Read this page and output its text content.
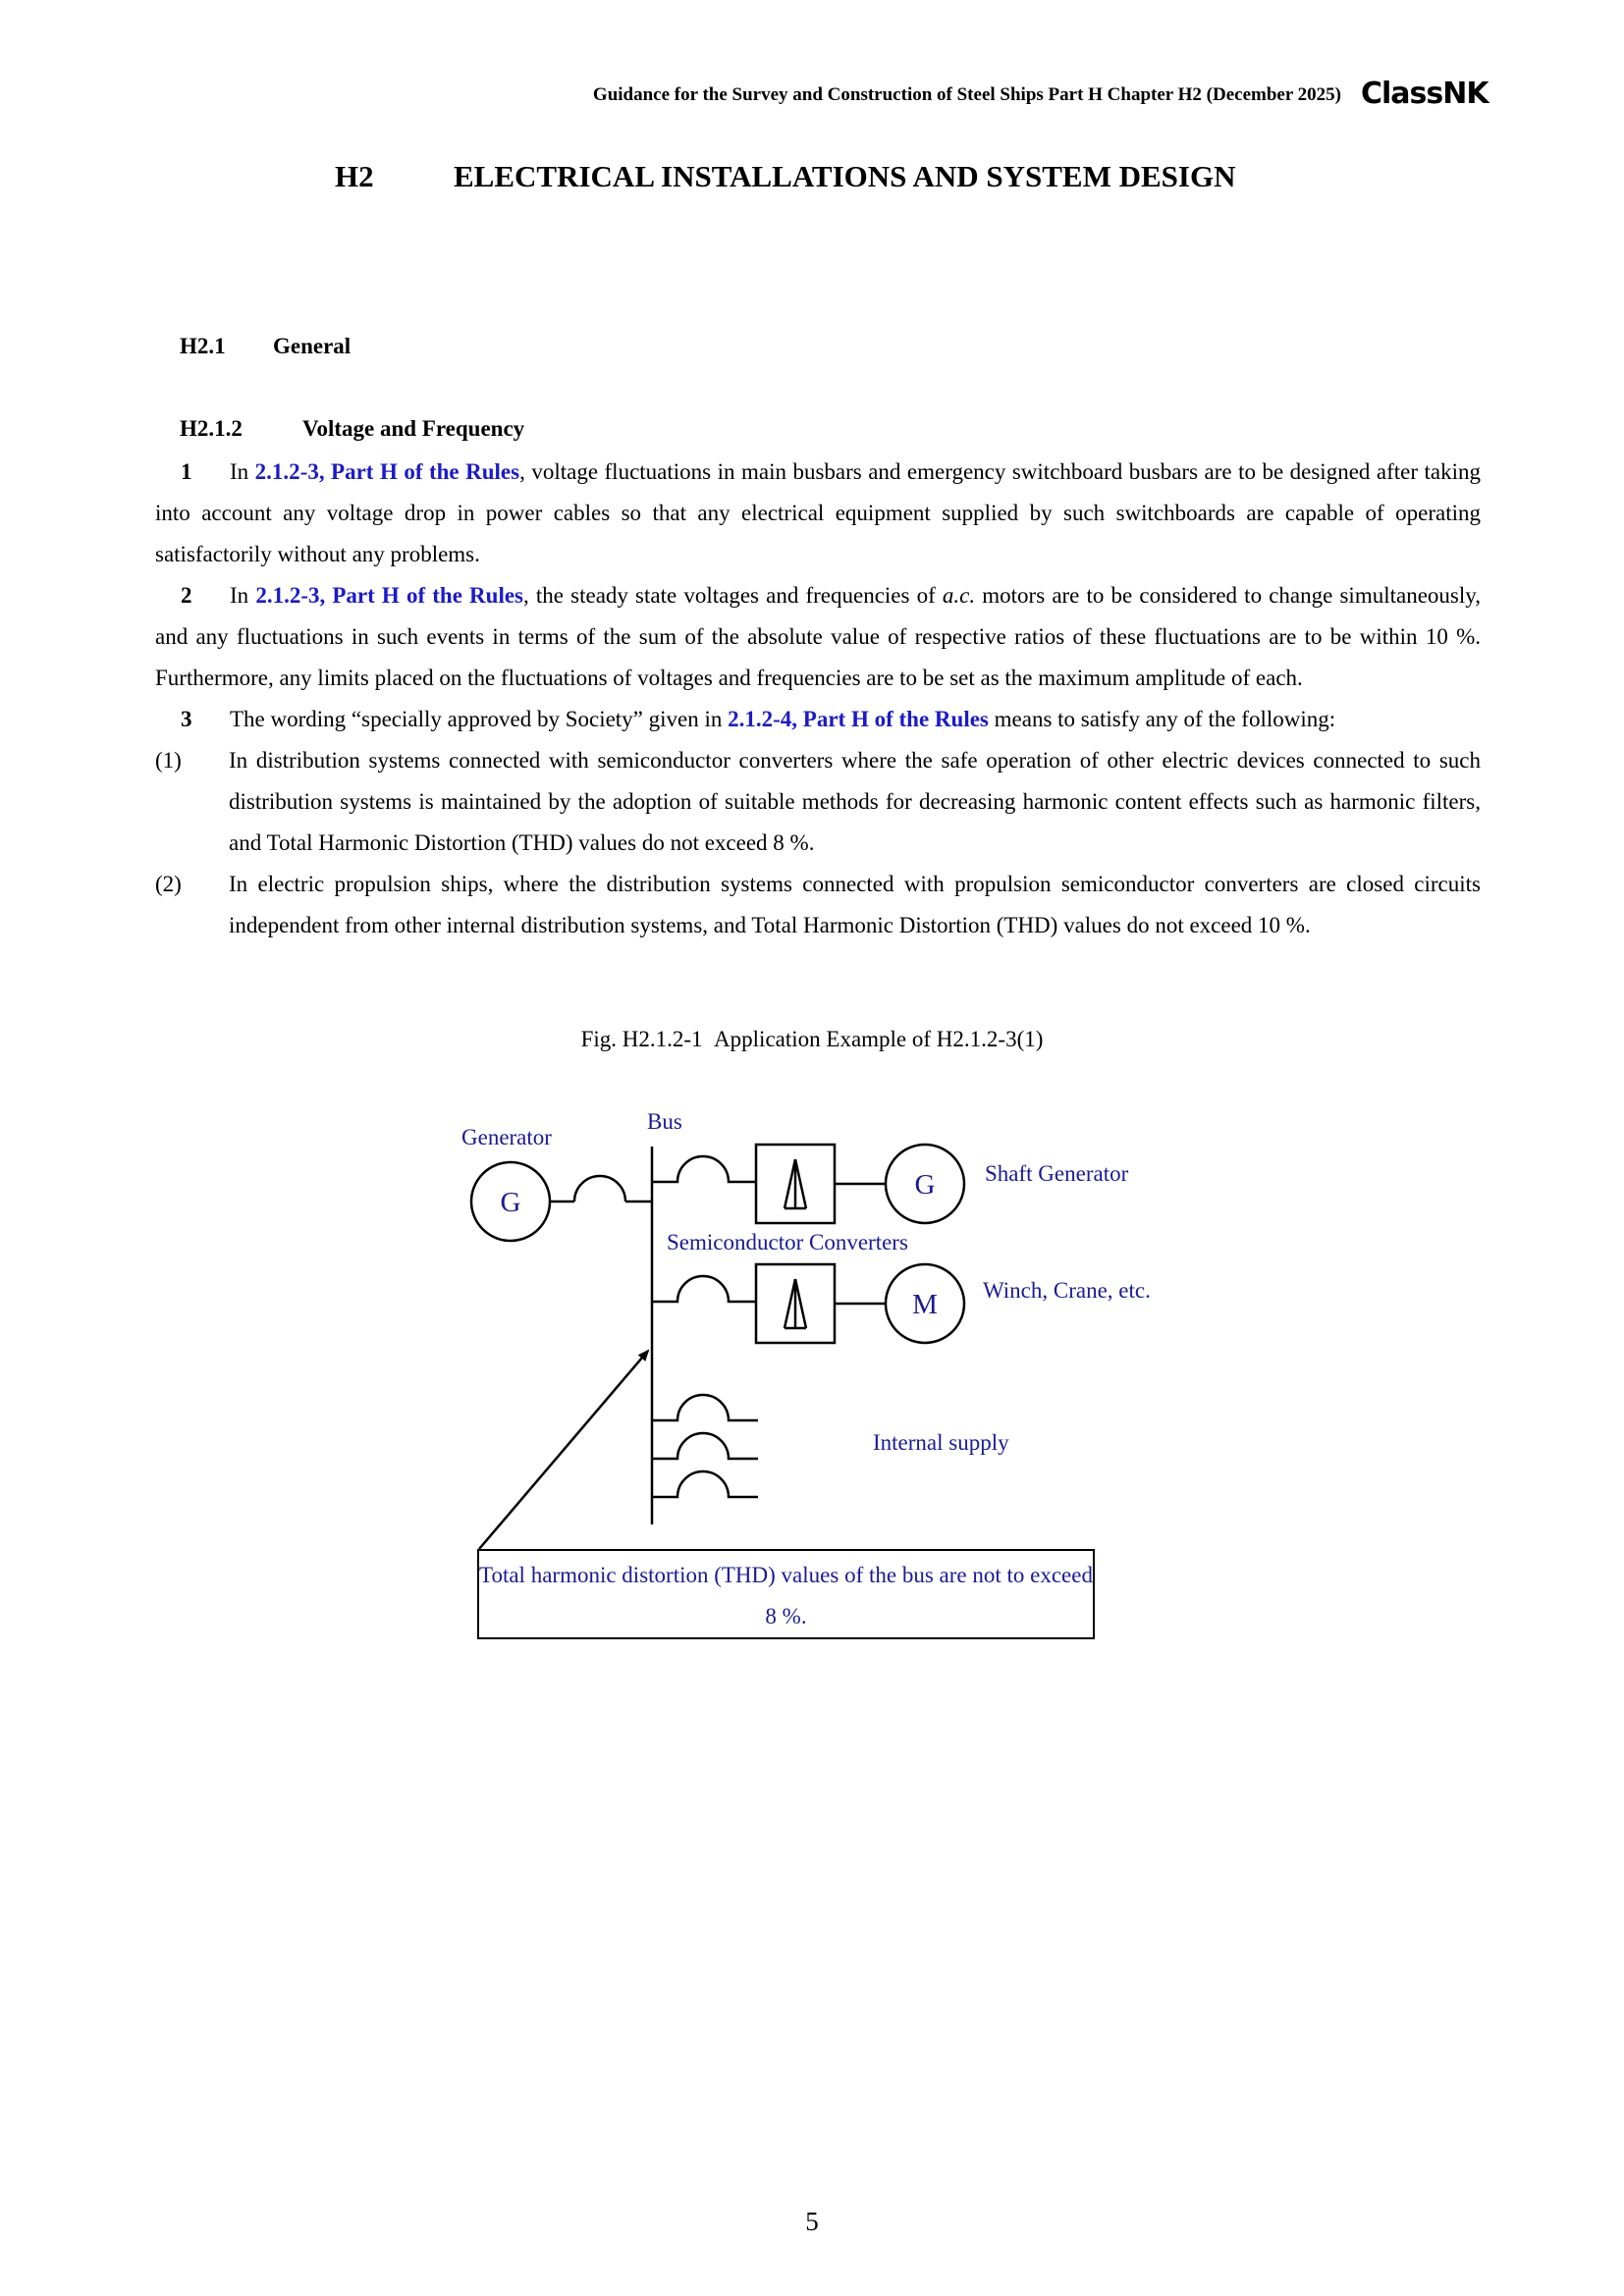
Guidance for the Survey and Construction of Steel Ships Part H Chapter H2 (December 2025) ClassNK
H2	ELECTRICAL INSTALLATIONS AND SYSTEM DESIGN
H2.1 General
H2.1.2	Voltage and Frequency

1 In 2.1.2-3, Part H of the Rules, voltage fluctuations in main busbars and emergency switchboard busbars are to be designed after taking into account any voltage drop in power cables so that any electrical equipment supplied by such switchboards are capable of operating satisfactorily without any problems.

2 In 2.1.2-3, Part H of the Rules, the steady state voltages and frequencies of a.c. motors are to be considered to change simultaneously, and any fluctuations in such events in terms of the sum of the absolute value of respective ratios of these fluctuations are to be within 10 %. Furthermore, any limits placed on the fluctuations of voltages and frequencies are to be set as the maximum amplitude of each.

3 The wording “specially approved by Society” given in 2.1.2-4, Part H of the Rules means to satisfy any of the following:

(1) In distribution systems connected with semiconductor converters where the safe operation of other electric devices connected to such distribution systems is maintained by the adoption of suitable methods for decreasing harmonic content effects such as harmonic filters, and Total Harmonic Distortion (THD) values do not exceed 8 %.

(2) In electric propulsion ships, where the distribution systems connected with propulsion semiconductor converters are closed circuits independent from other internal distribution systems, and Total Harmonic Distortion (THD) values do not exceed 10 %.

Fig. H2.1.2-1  Application Example of H2.1.2-3(1)
Generator
G
Bus
Shaft Generator
G
Semiconductor Converters
M Winch, Crane, etc.
Internal supply
Total harmonic distortion (THD) values of the bus are not to exceed 8 %.
5
